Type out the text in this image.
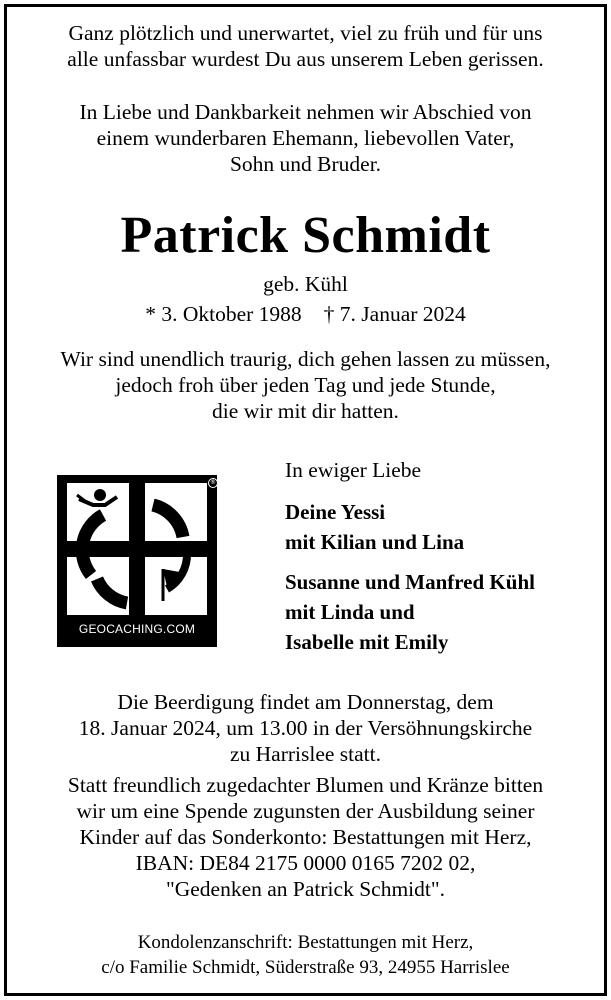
Ganz plötzlich und unerwartet, viel zu früh und für uns
alle unfassbar wurdest Du aus unserem Leben gerissen.
In Liebe und Dankbarkeit nehmen wir Abschied von
einem wunderbaren Ehemann, liebevollen Vater,
Sohn und Bruder.
Patrick Schmidt
geb. Kühl
* 3. Oktober 1988 † 7. Januar 2024
Wir sind unendlich traurig, dich gehen lassen zu müssen,
jedoch froh über jeden Tag und jede Stunde,
die wir mit dir hatten.
®
GEOCACHING.COM
In ewiger Liebe
Deine Yessi
mit Kilian und Lina
Susanne und Manfred Kühl
mit Linda und
Isabelle mit Emily
Die Beerdigung findet am Donnerstag, dem
18. Januar 2024, um 13.00 in der Versöhnungskirche
zu Harrislee statt.
Statt freundlich zugedachter Blumen und Kränze bitten
wir um eine Spende zugunsten der Ausbildung seiner
Kinder auf das Sonderkonto: Bestattungen mit Herz,
IBAN: DE84 2175 0000 0165 7202 02,
"Gedenken an Patrick Schmidt".
Kondolenzanschrift: Bestattungen mit Herz,
c/o Familie Schmidt, Süderstraße 93, 24955 Harrislee
